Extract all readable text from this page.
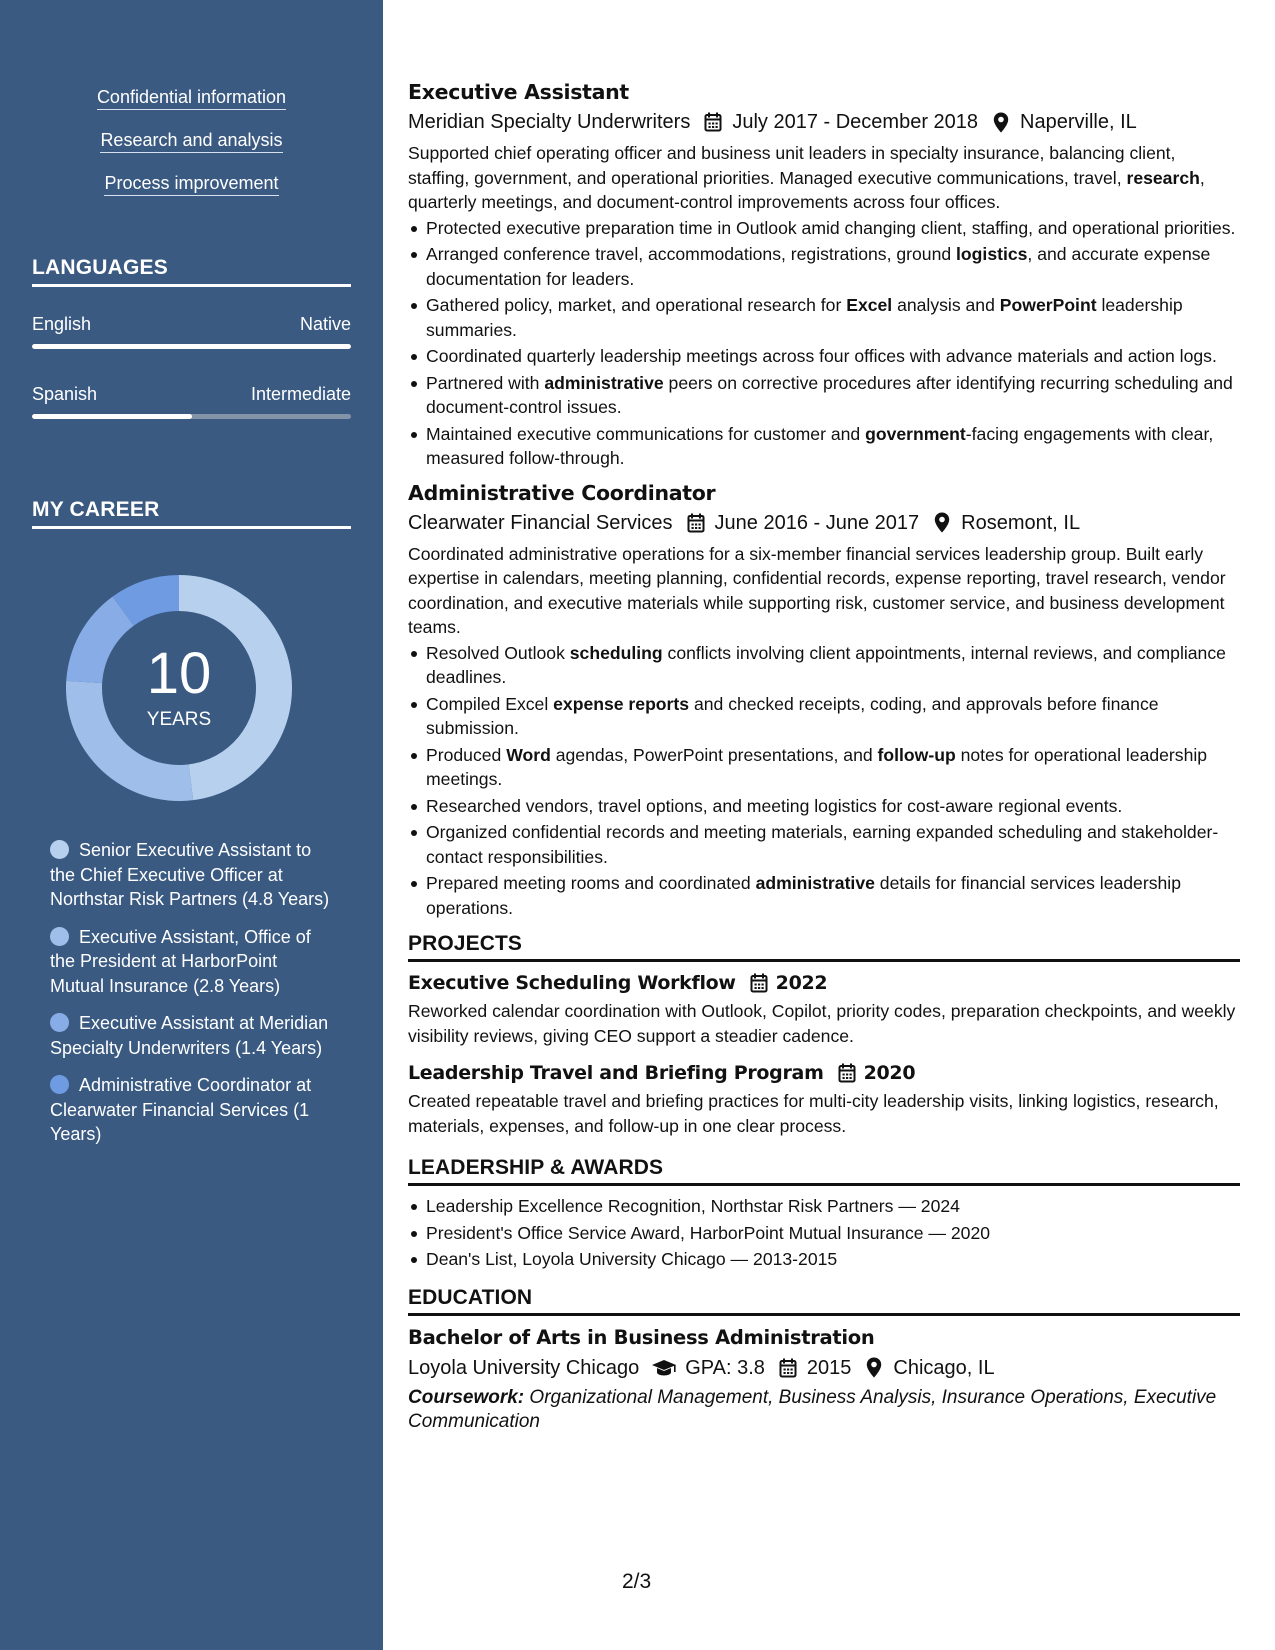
Confidential information
Research and analysis
Process improvement
LANGUAGES
English	Native
Spanish	Intermediate
MY CAREER
10
YEARS
Senior Executive Assistant to the Chief Executive Officer at Northstar Risk Partners (4.8 Years)
Executive Assistant, Office of the President at HarborPoint Mutual Insurance (2.8 Years)
Executive Assistant at Meridian Specialty Underwriters (1.4 Years)
Administrative Coordinator at Clearwater Financial Services (1 Years)
Executive Assistant
Meridian Specialty Underwriters July 2017 - December 2018 Naperville, IL

Supported chief operating officer and business unit leaders in specialty insurance, balancing client, staffing, government, and operational priorities. Managed executive communications, travel, research, quarterly meetings, and document-control improvements across four offices.

Protected executive preparation time in Outlook amid changing client, staffing, and operational priorities.
Arranged conference travel, accommodations, registrations, ground logistics, and accurate expense documentation for leaders.
Gathered policy, market, and operational research for Excel analysis and PowerPoint leadership summaries.
Coordinated quarterly leadership meetings across four offices with advance materials and action logs.
Partnered with administrative peers on corrective procedures after identifying recurring scheduling and document-control issues.
Maintained executive communications for customer and government-facing engagements with clear, measured follow-through.
Administrative Coordinator
Clearwater Financial Services June 2016 - June 2017 Rosemont, IL

Coordinated administrative operations for a six-member financial services leadership group. Built early expertise in calendars, meeting planning, confidential records, expense reporting, travel research, vendor coordination, and executive materials while supporting risk, customer service, and business development teams.

Resolved Outlook scheduling conflicts involving client appointments, internal reviews, and compliance deadlines.
Compiled Excel expense reports and checked receipts, coding, and approvals before finance submission.
Produced Word agendas, PowerPoint presentations, and follow-up notes for operational leadership meetings.
Researched vendors, travel options, and meeting logistics for cost-aware regional events.
Organized confidential records and meeting materials, earning expanded scheduling and stakeholder-contact responsibilities.
Prepared meeting rooms and coordinated administrative details for financial services leadership operations.
PROJECTS
Executive Scheduling Workflow 2022

Reworked calendar coordination with Outlook, Copilot, priority codes, preparation checkpoints, and weekly visibility reviews, giving CEO support a steadier cadence.

Leadership Travel and Briefing Program 2020

Created repeatable travel and briefing practices for multi-city leadership visits, linking logistics, research, materials, expenses, and follow-up in one clear process.

LEADERSHIP & AWARDS
Leadership Excellence Recognition, Northstar Risk Partners — 2024
President's Office Service Award, HarborPoint Mutual Insurance — 2020
Dean's List, Loyola University Chicago — 2013-2015
EDUCATION
Bachelor of Arts in Business Administration
Loyola University Chicago GPA: 3.8 2015 Chicago, IL

Coursework: Organizational Management, Business Analysis, Insurance Operations, Executive Communication

2/3
